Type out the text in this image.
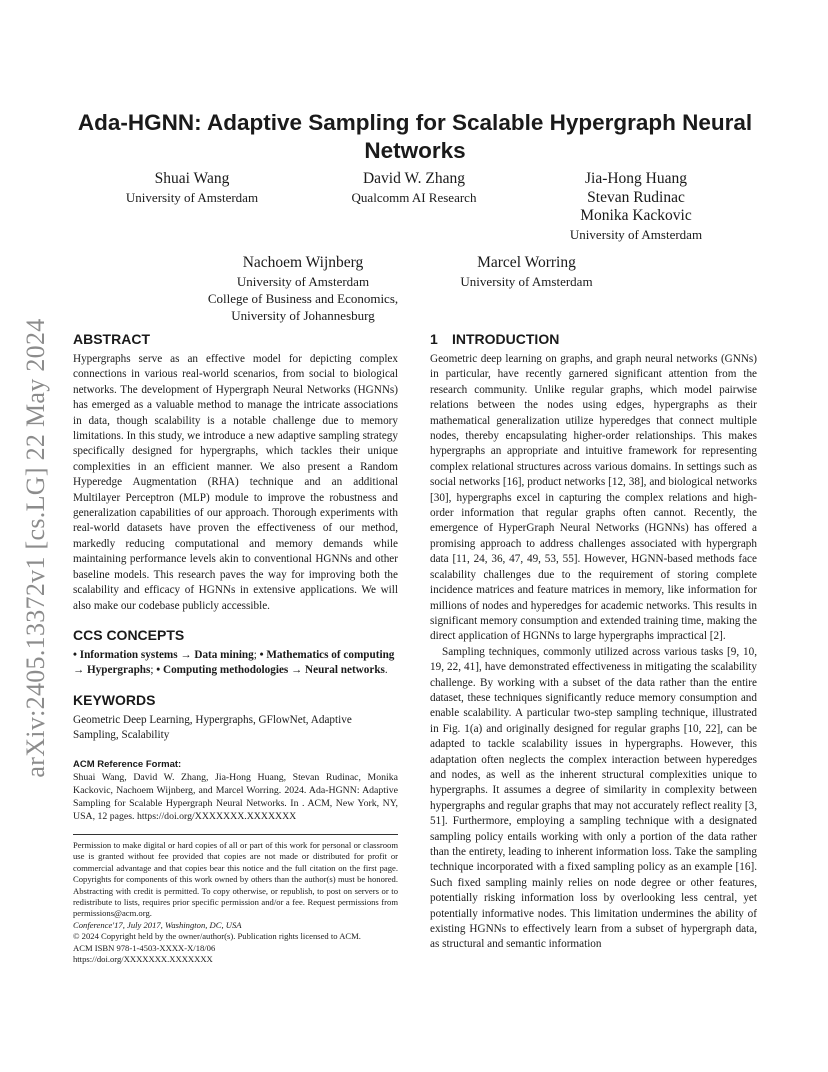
arXiv:2405.13372v1 [cs.LG] 22 May 2024
Ada-HGNN: Adaptive Sampling for Scalable Hypergraph Neural Networks
Shuai Wang
University of Amsterdam
David W. Zhang
Qualcomm AI Research
Jia-Hong Huang
Stevan Rudinac
Monika Kackovic
University of Amsterdam
Nachoem Wijnberg
University of Amsterdam
College of Business and Economics,
University of Johannesburg
Marcel Worring
University of Amsterdam
ABSTRACT

Hypergraphs serve as an effective model for depicting complex connections in various real-world scenarios, from social to biological networks. The development of Hypergraph Neural Networks (HGNNs) has emerged as a valuable method to manage the intricate associations in data, though scalability is a notable challenge due to memory limitations. In this study, we introduce a new adaptive sampling strategy specifically designed for hypergraphs, which tackles their unique complexities in an efficient manner. We also present a Random Hyperedge Augmentation (RHA) technique and an additional Multilayer Perceptron (MLP) module to improve the robustness and generalization capabilities of our approach. Thorough experiments with real-world datasets have proven the effectiveness of our method, markedly reducing computational and memory demands while maintaining performance levels akin to conventional HGNNs and other baseline models. This research paves the way for improving both the scalability and efficacy of HGNNs in extensive applications. We will also make our codebase publicly accessible.

CCS CONCEPTS

• Information systems → Data mining; • Mathematics of computing → Hypergraphs; • Computing methodologies → Neural networks.

KEYWORDS

Geometric Deep Learning, Hypergraphs, GFlowNet, Adaptive Sampling, Scalability

ACM Reference Format:
Shuai Wang, David W. Zhang, Jia-Hong Huang, Stevan Rudinac, Monika Kackovic, Nachoem Wijnberg, and Marcel Worring. 2024. Ada-HGNN: Adaptive Sampling for Scalable Hypergraph Neural Networks. In . ACM, New York, NY, USA, 12 pages. https://doi.org/XXXXXXX.XXXXXXX
Permission to make digital or hard copies of all or part of this work for personal or classroom use is granted without fee provided that copies are not made or distributed for profit or commercial advantage and that copies bear this notice and the full citation on the first page. Copyrights for components of this work owned by others than the author(s) must be honored. Abstracting with credit is permitted. To copy otherwise, or republish, to post on servers or to redistribute to lists, requires prior specific permission and/or a fee. Request permissions from permissions@acm.org.
Conference'17, July 2017, Washington, DC, USA
© 2024 Copyright held by the owner/author(s). Publication rights licensed to ACM.
ACM ISBN 978-1-4503-XXXX-X/18/06
https://doi.org/XXXXXXX.XXXXXXX
1 INTRODUCTION

Geometric deep learning on graphs, and graph neural networks (GNNs) in particular, have recently garnered significant attention from the research community. Unlike regular graphs, which model pairwise relations between the nodes using edges, hypergraphs as their mathematical generalization utilize hyperedges that connect multiple nodes, thereby encapsulating higher-order relationships. This makes hypergraphs an appropriate and intuitive framework for representing complex relational structures across various domains. In settings such as social networks [16], product networks [12, 38], and biological networks [30], hypergraphs excel in capturing the complex relations and high-order information that regular graphs often cannot. Recently, the emergence of HyperGraph Neural Networks (HGNNs) has offered a promising approach to address challenges associated with hypergraph data [11, 24, 36, 47, 49, 53, 55]. However, HGNN-based methods face scalability challenges due to the requirement of storing complete incidence matrices and feature matrices in memory, like information for millions of nodes and hyperedges for academic networks. This results in significant memory consumption and extended training time, making the direct application of HGNNs to large hypergraphs impractical [2].

Sampling techniques, commonly utilized across various tasks [9, 10, 19, 22, 41], have demonstrated effectiveness in mitigating the scalability challenge. By working with a subset of the data rather than the entire dataset, these techniques significantly reduce memory consumption and enable scalability. A particular two-step sampling technique, illustrated in Fig. 1(a) and originally designed for regular graphs [10, 22], can be adapted to tackle scalability issues in hypergraphs. However, this adaptation often neglects the complex interaction between hyperedges and nodes, as well as the inherent structural complexities unique to hypergraphs. It assumes a degree of similarity in complexity between hypergraphs and regular graphs that may not accurately reflect reality [3, 51]. Furthermore, employing a sampling technique with a designated sampling policy entails working with only a portion of the data rather than the entirety, leading to inherent information loss. Take the sampling technique incorporated with a fixed sampling policy as an example [16]. Such fixed sampling mainly relies on node degree or other features, potentially risking information loss by overlooking less central, yet potentially informative nodes. This limitation undermines the ability of existing HGNNs to effectively learn from a subset of hypergraph data, as structural and semantic information
